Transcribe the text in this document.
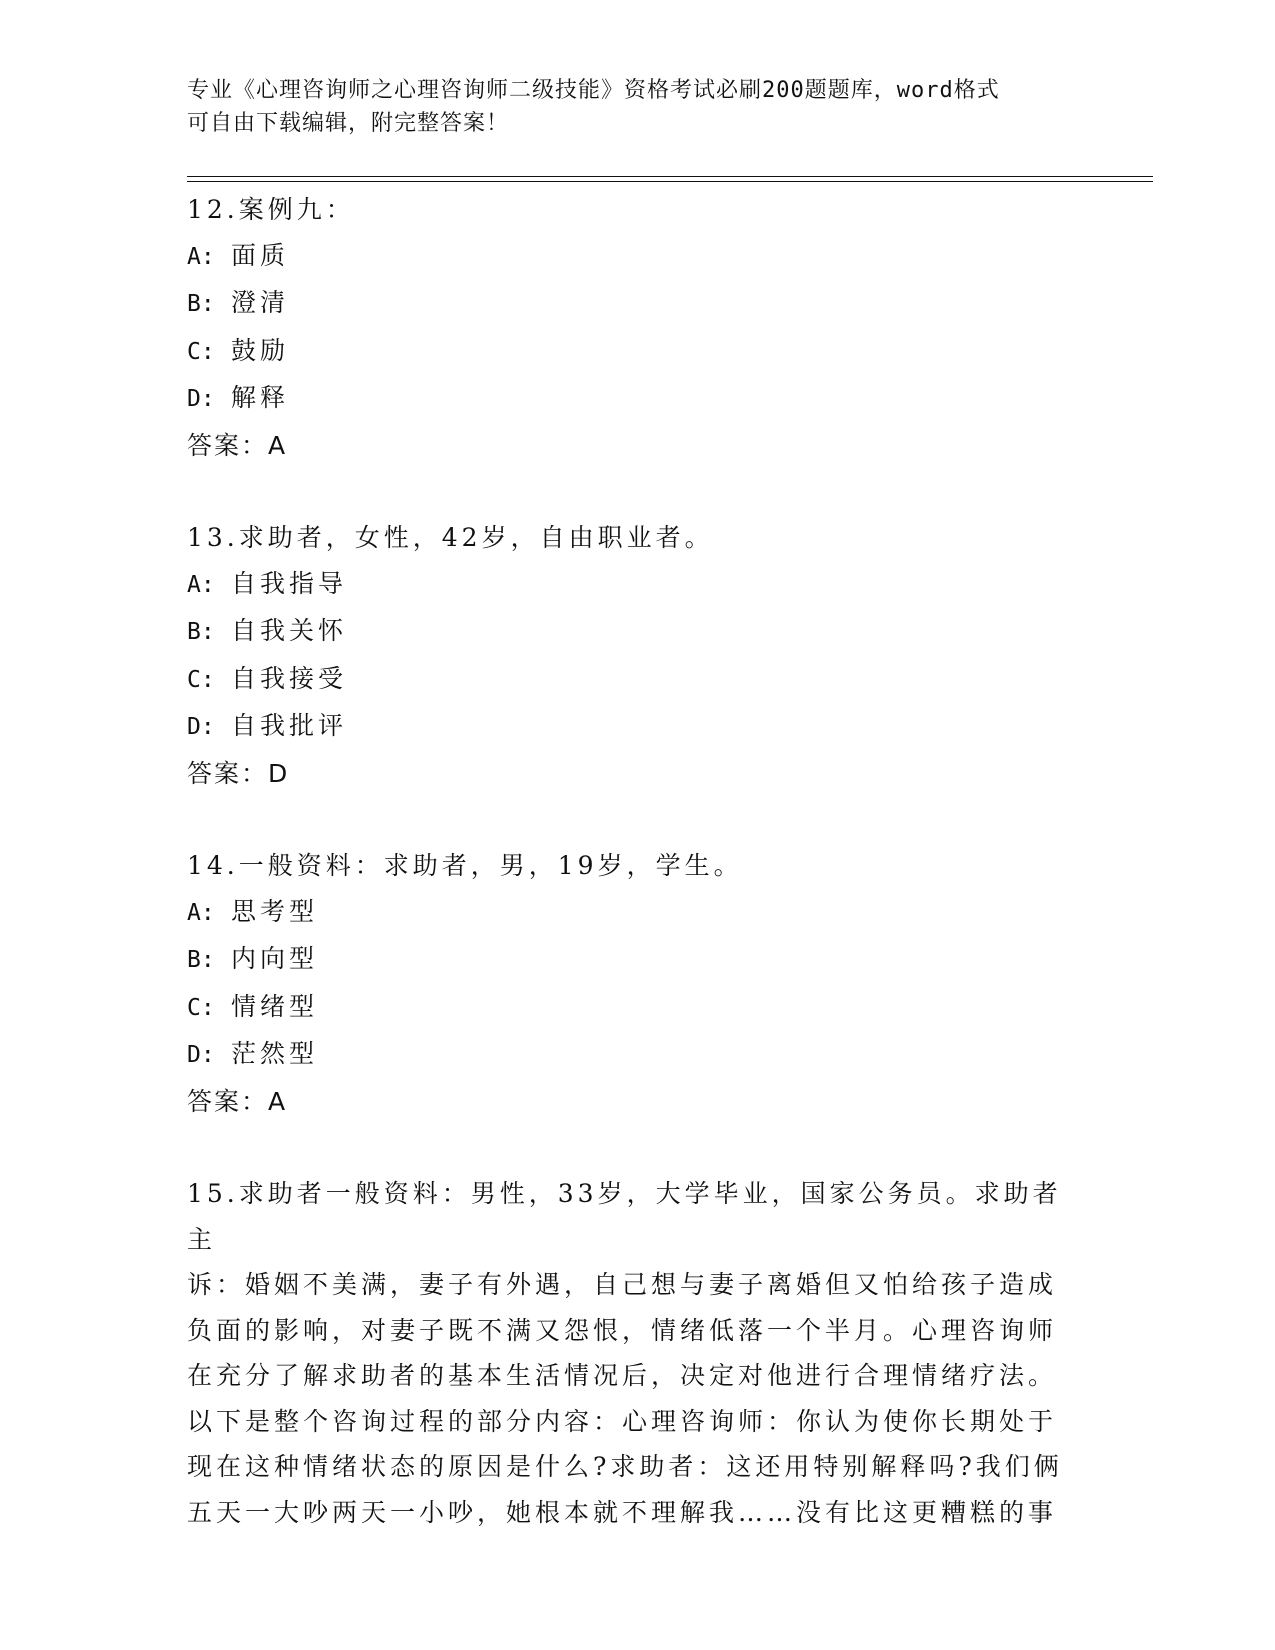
专业《心理咨询师之心理咨询师二级技能》资格考试必刷200题题库，word格式
可自由下载编辑，附完整答案！
12.案例九：
A: 面质
B: 澄清
C: 鼓励
D: 解释
答案：A
13.求助者，女性，42岁，自由职业者。
A: 自我指导
B: 自我关怀
C: 自我接受
D: 自我批评
答案：D
14.一般资料：求助者，男，19岁，学生。
A: 思考型
B: 内向型
C: 情绪型
D: 茫然型
答案：A
15.求助者一般资料：男性，33岁，大学毕业，国家公务员。求助者主
诉：婚姻不美满，妻子有外遇，自己想与妻子离婚但又怕给孩子造成
负面的影响，对妻子既不满又怨恨，情绪低落一个半月。心理咨询师
在充分了解求助者的基本生活情况后，决定对他进行合理情绪疗法。
以下是整个咨询过程的部分内容：心理咨询师：你认为使你长期处于
现在这种情绪状态的原因是什么?求助者：这还用特别解释吗?我们俩
五天一大吵两天一小吵，她根本就不理解我……没有比这更糟糕的事
